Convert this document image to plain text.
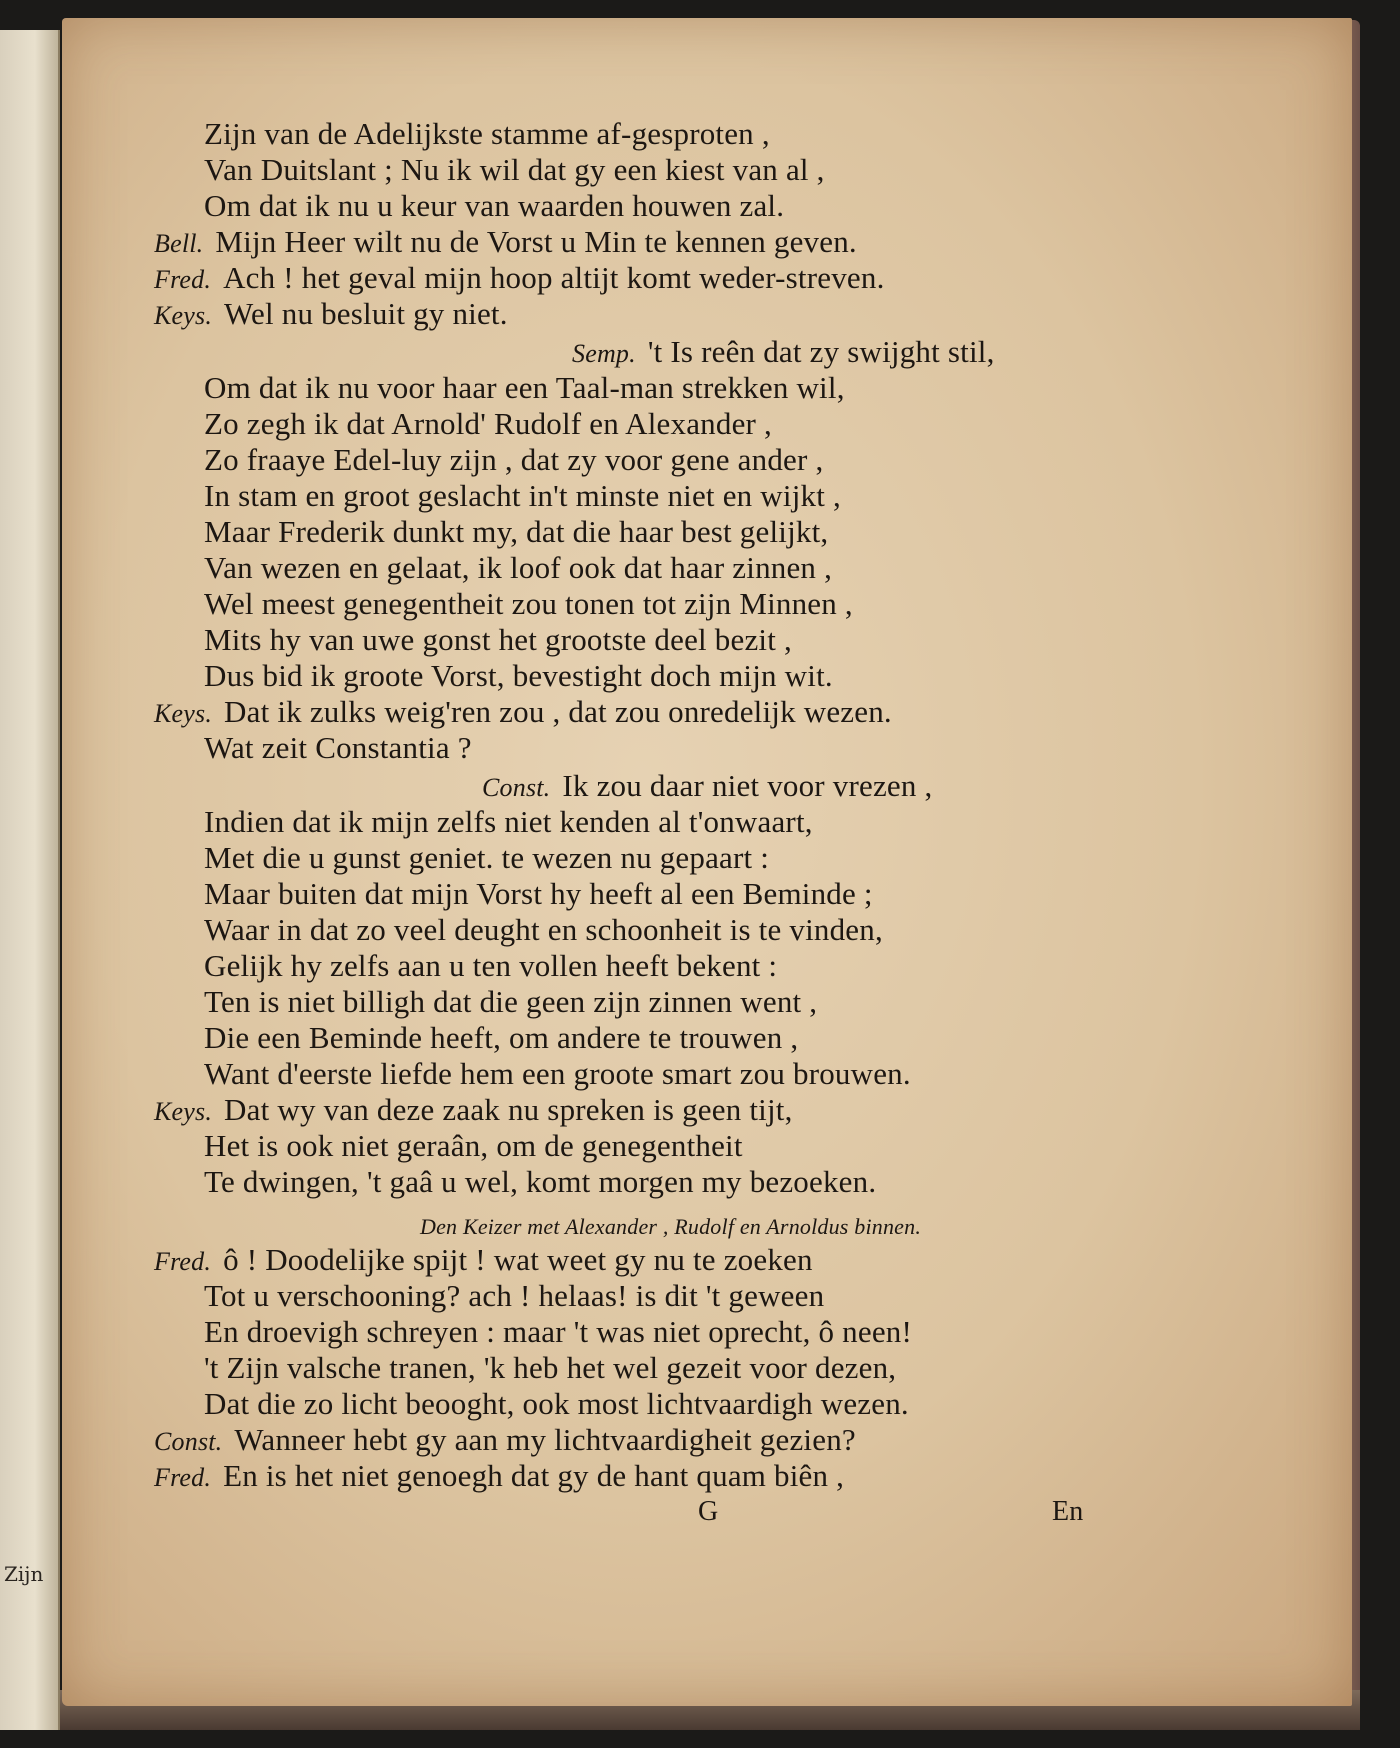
Zijn
Zijn van de Adelijkste stamme af-gesproten ,
Van Duitslant ; Nu ik wil dat gy een kiest van al ,
Om dat ik nu u keur van waarden houwen zal.
Bell. Mijn Heer wilt nu de Vorst u Min te kennen geven.
Fred. Ach ! het geval mijn hoop altijt komt weder-streven.
Keys. Wel nu besluit gy niet.
Semp. 't Is reên dat zy swijght stil,
Om dat ik nu voor haar een Taal-man strekken wil,
Zo zegh ik dat Arnold' Rudolf en Alexander ,
Zo fraaye Edel-luy zijn , dat zy voor gene ander ,
In stam en groot geslacht in't minste niet en wijkt ,
Maar Frederik dunkt my, dat die haar best gelijkt,
Van wezen en gelaat, ik loof ook dat haar zinnen ,
Wel meest genegentheit zou tonen tot zijn Minnen ,
Mits hy van uwe gonst het grootste deel bezit ,
Dus bid ik groote Vorst, bevestight doch mijn wit.
Keys. Dat ik zulks weig'ren zou , dat zou onredelijk wezen.
Wat zeit Constantia ?
Const. Ik zou daar niet voor vrezen ,
Indien dat ik mijn zelfs niet kenden al t'onwaart,
Met die u gunst geniet. te wezen nu gepaart :
Maar buiten dat mijn Vorst hy heeft al een Beminde ;
Waar in dat zo veel deught en schoonheit is te vinden,
Gelijk hy zelfs aan u ten vollen heeft bekent :
Ten is niet billigh dat die geen zijn zinnen went ,
Die een Beminde heeft, om andere te trouwen ,
Want d'eerste liefde hem een groote smart zou brouwen.
Keys. Dat wy van deze zaak nu spreken is geen tijt,
Het is ook niet geraân, om de genegentheit
Te dwingen, 't gaâ u wel, komt morgen my bezoeken.
Den Keizer met Alexander , Rudolf en Arnoldus binnen.
Fred. ô ! Doodelijke spijt ! wat weet gy nu te zoeken
Tot u verschooning? ach ! helaas! is dit 't geween
En droevigh schreyen : maar 't was niet oprecht, ô neen!
't Zijn valsche tranen, 'k heb het wel gezeit voor dezen,
Dat die zo licht beooght, ook most lichtvaardigh wezen.
Const. Wanneer hebt gy aan my lichtvaardigheit gezien?
Fred. En is het niet genoegh dat gy de hant quam biên ,
G	En
